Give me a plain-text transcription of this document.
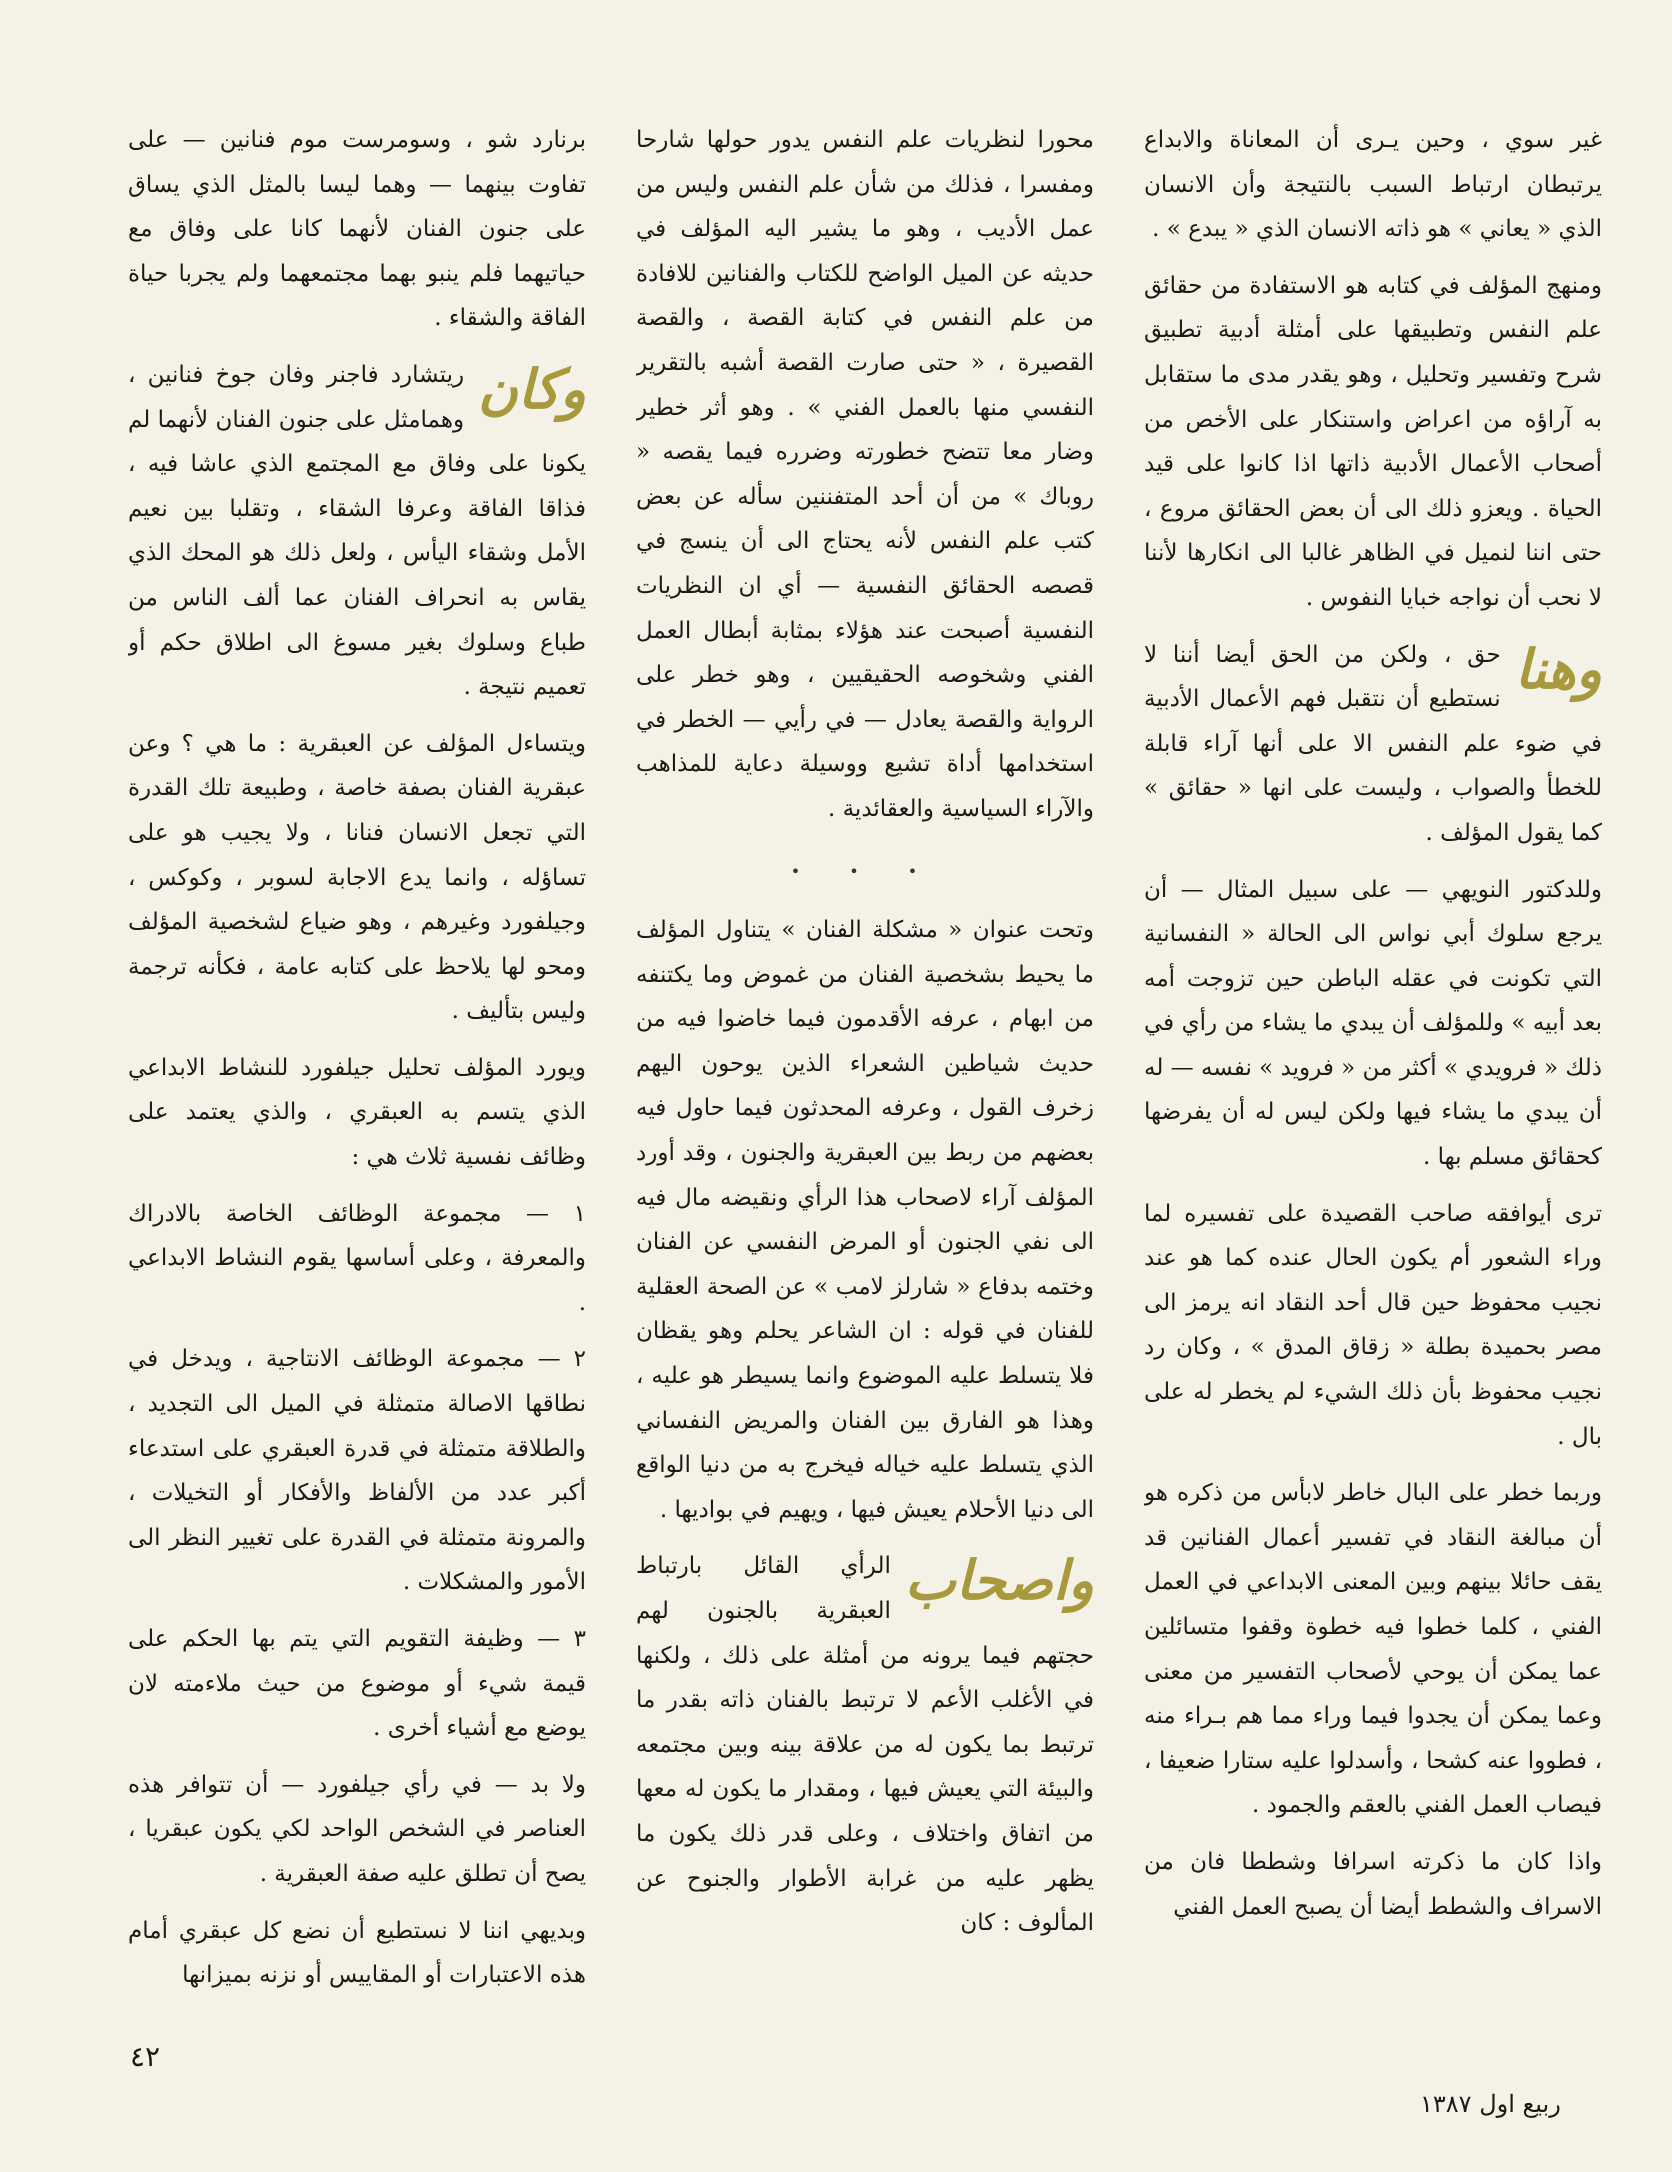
غير سوي ، وحين يـرى أن المعاناة والابداع يرتبطان ارتباط السبب بالنتيجة وأن الانسان الذي « يعاني » هو ذاته الانسان الذي « يبدع » .

ومنهج المؤلف في كتابه هو الاستفادة من حقائق علم النفس وتطبيقها على أمثلة أدبية تطبيق شرح وتفسير وتحليل ، وهو يقدر مدى ما ستقابل به آراؤه من اعراض واستنكار على الأخص من أصحاب الأعمال الأدبية ذاتها اذا كانوا على قيد الحياة . ويعزو ذلك الى أن بعض الحقائق مروع ، حتى اننا لنميل في الظاهر غالبا الى انكارها لأننا لا نحب أن نواجه خبايا النفوس .

وهنا
حق ، ولكن من الحق أيضا أننا لا نستطيع أن نتقبل فهم الأعمال الأدبية في ضوء علم النفس الا على أنها آراء قابلة للخطأ والصواب ، وليست على انها « حقائق » كما يقول المؤلف .

وللدكتور النويهي — على سبيل المثال — أن يرجع سلوك أبي نواس الى الحالة « النفسانية التي تكونت في عقله الباطن حين تزوجت أمه بعد أبيه » وللمؤلف أن يبدي ما يشاء من رأي في ذلك « فرويدي » أكثر من « فرويد » نفسه — له أن يبدي ما يشاء فيها ولكن ليس له أن يفرضها كحقائق مسلم بها .

ترى أيوافقه صاحب القصيدة على تفسيره لما وراء الشعور أم يكون الحال عنده كما هو عند نجيب محفوظ حين قال أحد النقاد انه يرمز الى مصر بحميدة بطلة « زقاق المدق » ، وكان رد نجيب محفوظ بأن ذلك الشيء لم يخطر له على بال .

وربما خطر على البال خاطر لابأس من ذكره هو أن مبالغة النقاد في تفسير أعمال الفنانين قد يقف حائلا بينهم وبين المعنى الابداعي في العمل الفني ، كلما خطوا فيه خطوة وقفوا متسائلين عما يمكن أن يوحي لأصحاب التفسير من معنى وعما يمكن أن يجدوا فيما وراء مما هم بـراء منه ، فطووا عنه كشحا ، وأسدلوا عليه ستارا ضعيفا ، فيصاب العمل الفني بالعقم والجمود .

واذا كان ما ذكرته اسرافا وشططا فان من الاسراف والشطط أيضا أن يصبح العمل الفني

محورا لنظريات علم النفس يدور حولها شارحا ومفسرا ، فذلك من شأن علم النفس وليس من عمل الأديب ، وهو ما يشير اليه المؤلف في حديثه عن الميل الواضح للكتاب والفنانين للافادة من علم النفس في كتابة القصة ، والقصة القصيرة ، « حتى صارت القصة أشبه بالتقرير النفسي منها بالعمل الفني » . وهو أثر خطير وضار معا تتضح خطورته وضرره فيما يقصه « روباك » من أن أحد المتفننين سأله عن بعض كتب علم النفس لأنه يحتاج الى أن ينسج في قصصه الحقائق النفسية — أي ان النظريات النفسية أصبحت عند هؤلاء بمثابة أبطال العمل الفني وشخوصه الحقيقيين ، وهو خطر على الرواية والقصة يعادل — في رأيي — الخطر في استخدامها أداة تشيع ووسيلة دعاية للمذاهب والآراء السياسية والعقائدية .

• • •

وتحت عنوان « مشكلة الفنان » يتناول المؤلف ما يحيط بشخصية الفنان من غموض وما يكتنفه من ابهام ، عرفه الأقدمون فيما خاضوا فيه من حديث شياطين الشعراء الذين يوحون اليهم زخرف القول ، وعرفه المحدثون فيما حاول فيه بعضهم من ربط بين العبقرية والجنون ، وقد أورد المؤلف آراء لاصحاب هذا الرأي ونقيضه مال فيه الى نفي الجنون أو المرض النفسي عن الفنان وختمه بدفاع « شارلز لامب » عن الصحة العقلية للفنان في قوله : ان الشاعر يحلم وهو يقظان فلا يتسلط عليه الموضوع وانما يسيطر هو عليه ، وهذا هو الفارق بين الفنان والمريض النفساني الذي يتسلط عليه خياله فيخرج به من دنيا الواقع الى دنيا الأحلام يعيش فيها ، ويهيم في بواديها .

واصحاب
الرأي القائل بارتباط العبقرية بالجنون لهم حجتهم فيما يرونه من أمثلة على ذلك ، ولكنها في الأغلب الأعم لا ترتبط بالفنان ذاته بقدر ما ترتبط بما يكون له من علاقة بينه وبين مجتمعه والبيئة التي يعيش فيها ، ومقدار ما يكون له معها من اتفاق واختلاف ، وعلى قدر ذلك يكون ما يظهر عليه من غرابة الأطوار والجنوح عن المألوف : كان

برنارد شو ، وسومرست موم فنانين — على تفاوت بينهما — وهما ليسا بالمثل الذي يساق على جنون الفنان لأنهما كانا على وفاق مع حياتيهما فلم ينبو بهما مجتمعهما ولم يجربا حياة الفاقة والشقاء .

وكان
ريتشارد فاجنر وفان جوخ فنانين ، وهمامثل على جنون الفنان لأنهما لم يكونا على وفاق مع المجتمع الذي عاشا فيه ، فذاقا الفاقة وعرفا الشقاء ، وتقلبا بين نعيم الأمل وشقاء اليأس ، ولعل ذلك هو المحك الذي يقاس به انحراف الفنان عما ألف الناس من طباع وسلوك بغير مسوغ الى اطلاق حكم أو تعميم نتيجة .

ويتساءل المؤلف عن العبقرية : ما هي ؟ وعن عبقرية الفنان بصفة خاصة ، وطبيعة تلك القدرة التي تجعل الانسان فنانا ، ولا يجيب هو على تساؤله ، وانما يدع الاجابة لسوبر ، وكوكس ، وجيلفورد وغيرهم ، وهو ضياع لشخصية المؤلف ومحو لها يلاحظ على كتابه عامة ، فكأنه ترجمة وليس بتأليف .

ويورد المؤلف تحليل جيلفورد للنشاط الابداعي الذي يتسم به العبقري ، والذي يعتمد على وظائف نفسية ثلاث هي :

١ — مجموعة الوظائف الخاصة بالادراك والمعرفة ، وعلى أساسها يقوم النشاط الابداعي .

٢ — مجموعة الوظائف الانتاجية ، ويدخل في نطاقها الاصالة متمثلة في الميل الى التجديد ، والطلاقة متمثلة في قدرة العبقري على استدعاء أكبر عدد من الألفاظ والأفكار أو التخيلات ، والمرونة متمثلة في القدرة على تغيير النظر الى الأمور والمشكلات .

٣ — وظيفة التقويم التي يتم بها الحكم على قيمة شيء أو موضوع من حيث ملاءمته لان يوضع مع أشياء أخرى .

ولا بد — في رأي جيلفورد — أن تتوافر هذه العناصر في الشخص الواحد لكي يكون عبقريا ، يصح أن تطلق عليه صفة العبقرية .

وبديهي اننا لا نستطيع أن نضع كل عبقري أمام هذه الاعتبارات أو المقاييس أو نزنه بميزانها

٤٢
ربيع اول ١٣٨٧
